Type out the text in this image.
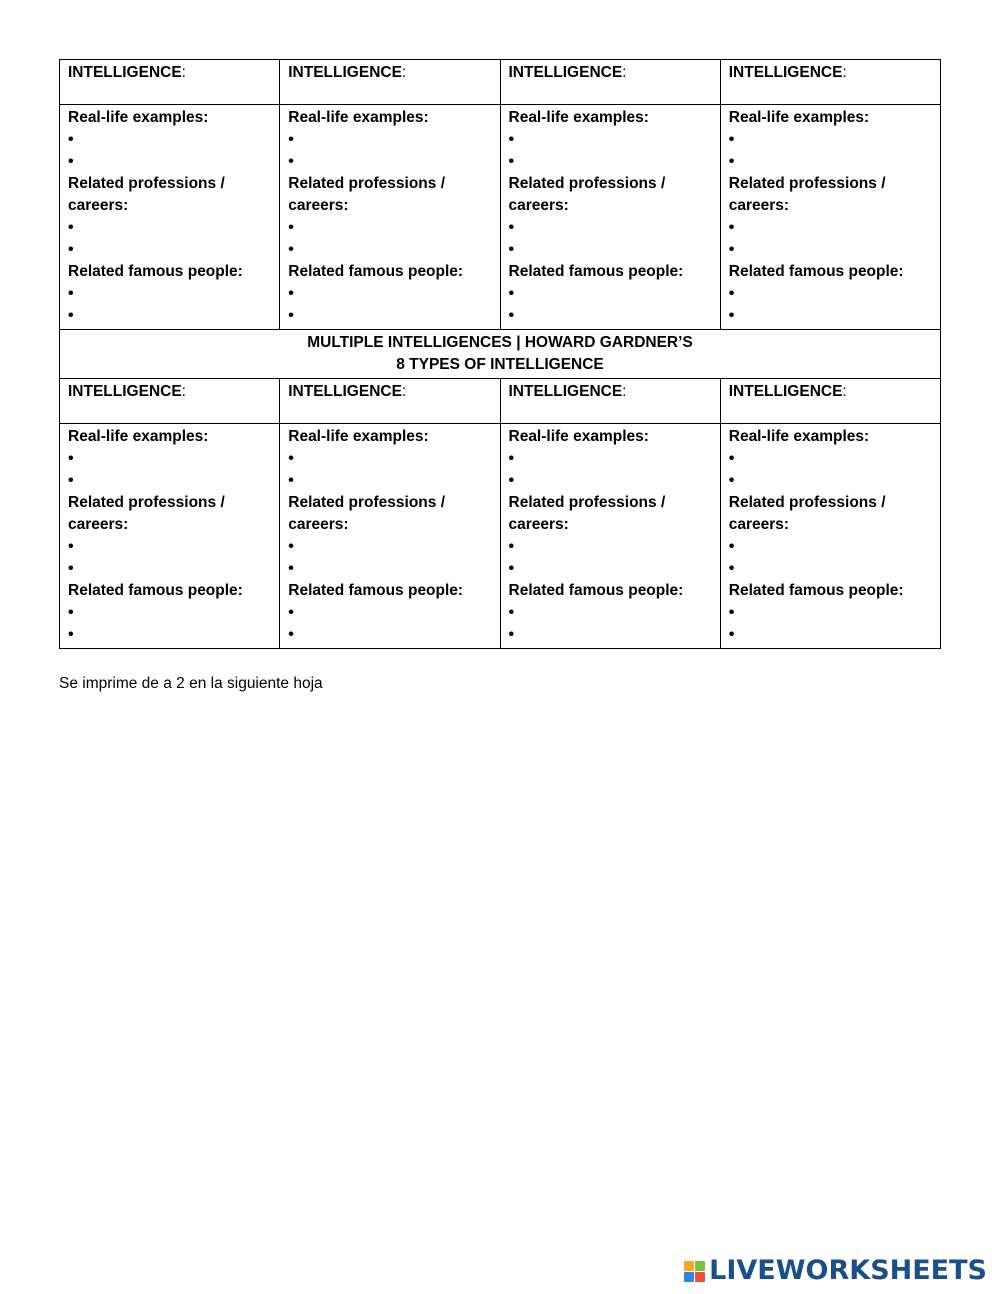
INTELLIGENCE:	INTELLIGENCE:	INTELLIGENCE:	INTELLIGENCE:

Real-life examples:
•
•
Related professions /
careers:
•
•
Related famous people:
•
•	Real-life examples:
•
•
Related professions /
careers:
•
•
Related famous people:
•
•	Real-life examples:
•
•
Related professions /
careers:
•
•
Related famous people:
•
•	Real-life examples:
•
•
Related professions /
careers:
•
•
Related famous people:
•
•

MULTIPLE INTELLIGENCES | HOWARD GARDNER’S
8 TYPES OF INTELLIGENCE			

INTELLIGENCE:	INTELLIGENCE:	INTELLIGENCE:	INTELLIGENCE:

Real-life examples:
•
•
Related professions /
careers:
•
•
Related famous people:
•
•	Real-life examples:
•
•
Related professions /
careers:
•
•
Related famous people:
•
•	Real-life examples:
•
•
Related professions /
careers:
•
•
Related famous people:
•
•	Real-life examples:
•
•
Related professions /
careers:
•
•
Related famous people:
•
•
Se imprime de a 2 en la siguiente hoja
LIVEWORKSHEETS
